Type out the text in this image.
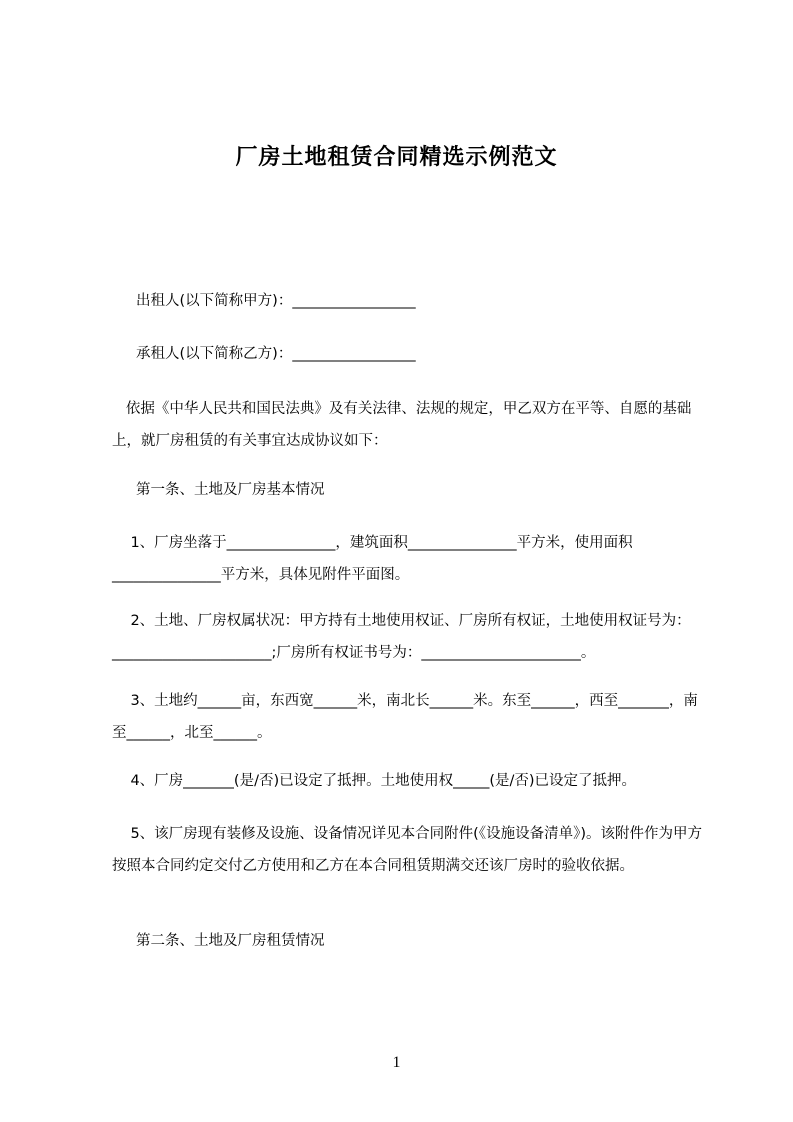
厂房土地租赁合同精选示例范文

出租人(以下简称甲方)：_________________

承租人(以下简称乙方)：_________________

依据《中华人民共和国民法典》及有关法律、法规的规定，甲乙双方在平等、自愿的基础上，就厂房租赁的有关事宜达成协议如下：

第一条、土地及厂房基本情况

1、厂房坐落于_______________，建筑面积_______________平方米，使用面积_______________平方米，具体见附件平面图。

2、土地、厂房权属状况：甲方持有土地使用权证、厂房所有权证，土地使用权证号为：______________________;厂房所有权证书号为：______________________。

3、土地约______亩，东西宽______米，南北长______米。东至______，西至_______，南至______，北至______。

4、厂房_______(是/否)已设定了抵押。土地使用权_____(是/否)已设定了抵押。

5、该厂房现有装修及设施、设备情况详见本合同附件(《设施设备清单》)。该附件作为甲方按照本合同约定交付乙方使用和乙方在本合同租赁期满交还该厂房时的验收依据。

第二条、土地及厂房租赁情况

1
